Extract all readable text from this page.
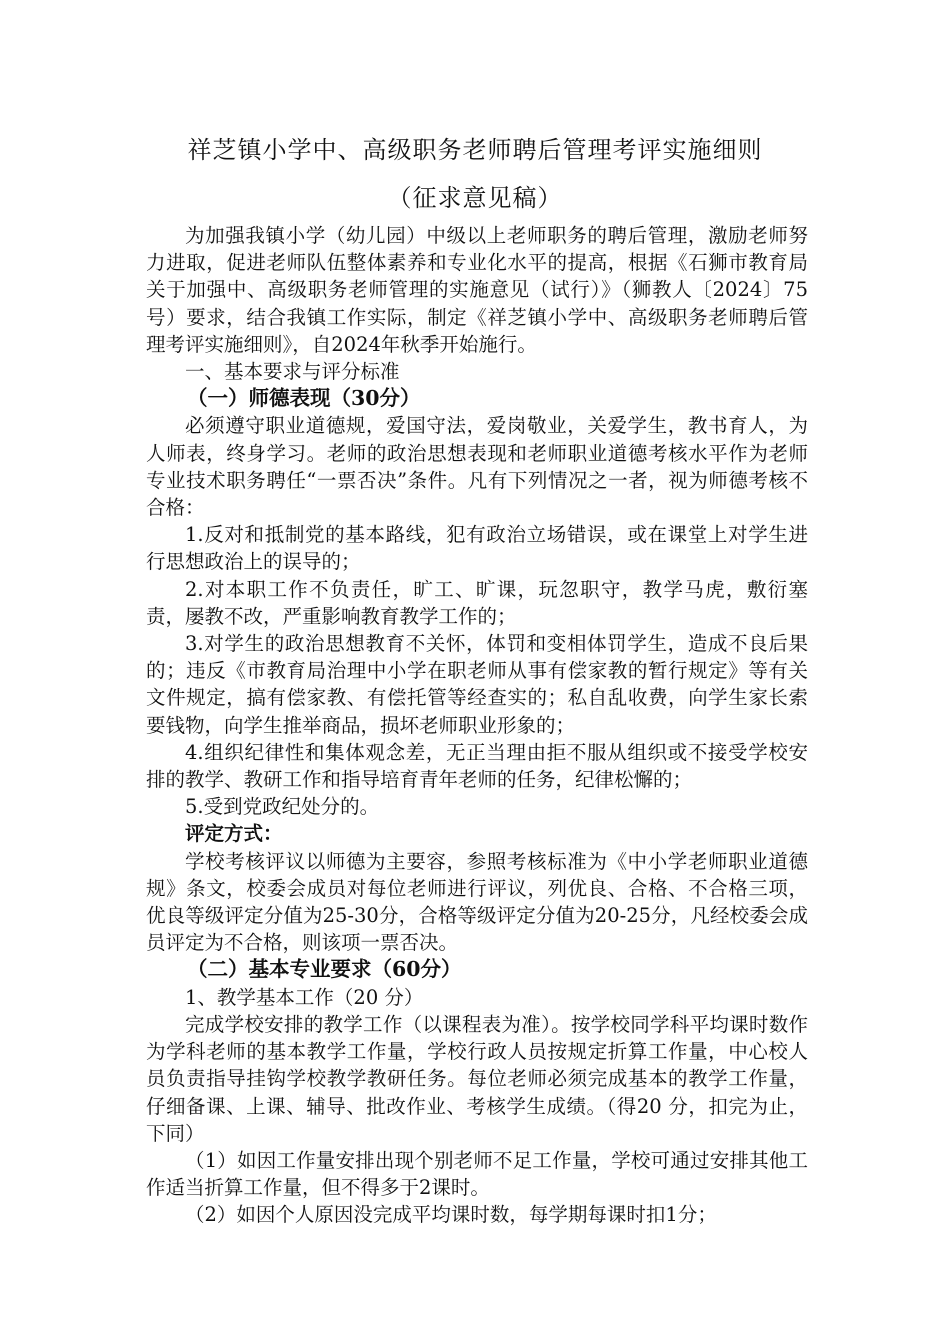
祥芝镇小学中、高级职务老师聘后管理考评实施细则
（征求意见稿）

为加强我镇小学（幼儿园）中级以上老师职务的聘后管理，激励老师努力进取，促进老师队伍整体素养和专业化水平的提高，根据《石狮市教育局关于加强中、高级职务老师管理的实施意见（试行）》（狮教人〔2024〕75号）要求，结合我镇工作实际，制定《祥芝镇小学中、高级职务老师聘后管理考评实施细则》，自2024年秋季开始施行。

一、基本要求与评分标准

（一）师德表现（30分）

必须遵守职业道德规，爱国守法，爱岗敬业，关爱学生，教书育人，为人师表，终身学习。老师的政治思想表现和老师职业道德考核水平作为老师专业技术职务聘任“一票否决”条件。凡有下列情况之一者，视为师德考核不合格：

1.反对和抵制党的基本路线，犯有政治立场错误，或在课堂上对学生进行思想政治上的误导的；

2.对本职工作不负责任，旷工、旷课，玩忽职守，教学马虎，敷衍塞责，屡教不改，严重影响教育教学工作的；

3.对学生的政治思想教育不关怀，体罚和变相体罚学生，造成不良后果的；违反《市教育局治理中小学在职老师从事有偿家教的暂行规定》等有关文件规定，搞有偿家教、有偿托管等经查实的；私自乱收费，向学生家长索要钱物，向学生推举商品，损坏老师职业形象的；

4.组织纪律性和集体观念差，无正当理由拒不服从组织或不接受学校安排的教学、教研工作和指导培育青年老师的任务，纪律松懈的；

5.受到党政纪处分的。

评定方式：

学校考核评议以师德为主要容，参照考核标准为《中小学老师职业道德规》条文，校委会成员对每位老师进行评议，列优良、合格、不合格三项，优良等级评定分值为25-30分，合格等级评定分值为20-25分，凡经校委会成员评定为不合格，则该项一票否决。

（二）基本专业要求（60分）

1、教学基本工作（20 分）

完成学校安排的教学工作（以课程表为准）。按学校同学科平均课时数作为学科老师的基本教学工作量，学校行政人员按规定折算工作量，中心校人员负责指导挂钩学校教学教研任务。每位老师必须完成基本的教学工作量，仔细备课、上课、辅导、批改作业、考核学生成绩。（得20 分，扣完为止，下同）

（1）如因工作量安排出现个别老师不足工作量，学校可通过安排其他工作适当折算工作量，但不得多于2课时。

（2）如因个人原因没完成平均课时数，每学期每课时扣1分；
